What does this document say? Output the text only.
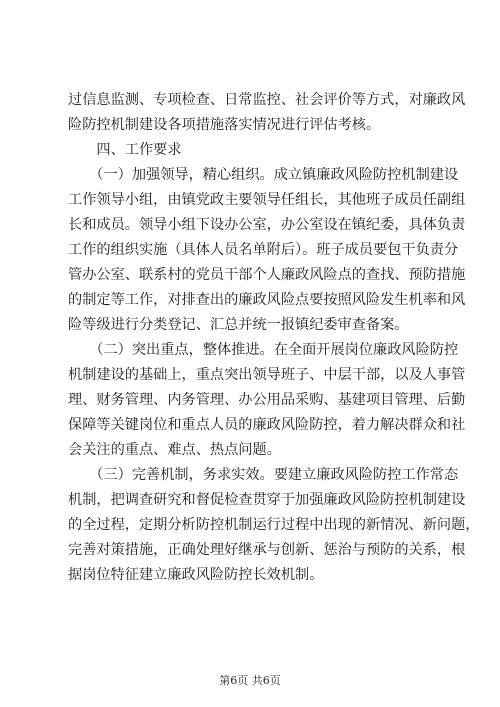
过信息监测、专项检查、日常监控、社会评价等方式，对廉政风
险防控机制建设各项措施落实情况进行评估考核。
　　四、工作要求
　　（一）加强领导，精心组织。成立镇廉政风险防控机制建设
工作领导小组，由镇党政主要领导任组长，其他班子成员任副组
长和成员。领导小组下设办公室，办公室设在镇纪委，具体负责
工作的组织实施（具体人员名单附后）。班子成员要包干负责分
管办公室、联系村的党员干部个人廉政风险点的查找、预防措施
的制定等工作，对排查出的廉政风险点要按照风险发生机率和风
险等级进行分类登记、汇总并统一报镇纪委审查备案。
　　（二）突出重点，整体推进。在全面开展岗位廉政风险防控
机制建设的基础上，重点突出领导班子、中层干部，以及人事管
理、财务管理、内务管理、办公用品采购、基建项目管理、后勤
保障等关键岗位和重点人员的廉政风险防控，着力解决群众和社
会关注的重点、难点、热点问题。
　　（三）完善机制，务求实效。要建立廉政风险防控工作常态
机制，把调查研究和督促检查贯穿于加强廉政风险防控机制建设
的全过程，定期分析防控机制运行过程中出现的新情况、新问题，
完善对策措施，正确处理好继承与创新、惩治与预防的关系，根
据岗位特征建立廉政风险防控长效机制。
第6页 共6页
